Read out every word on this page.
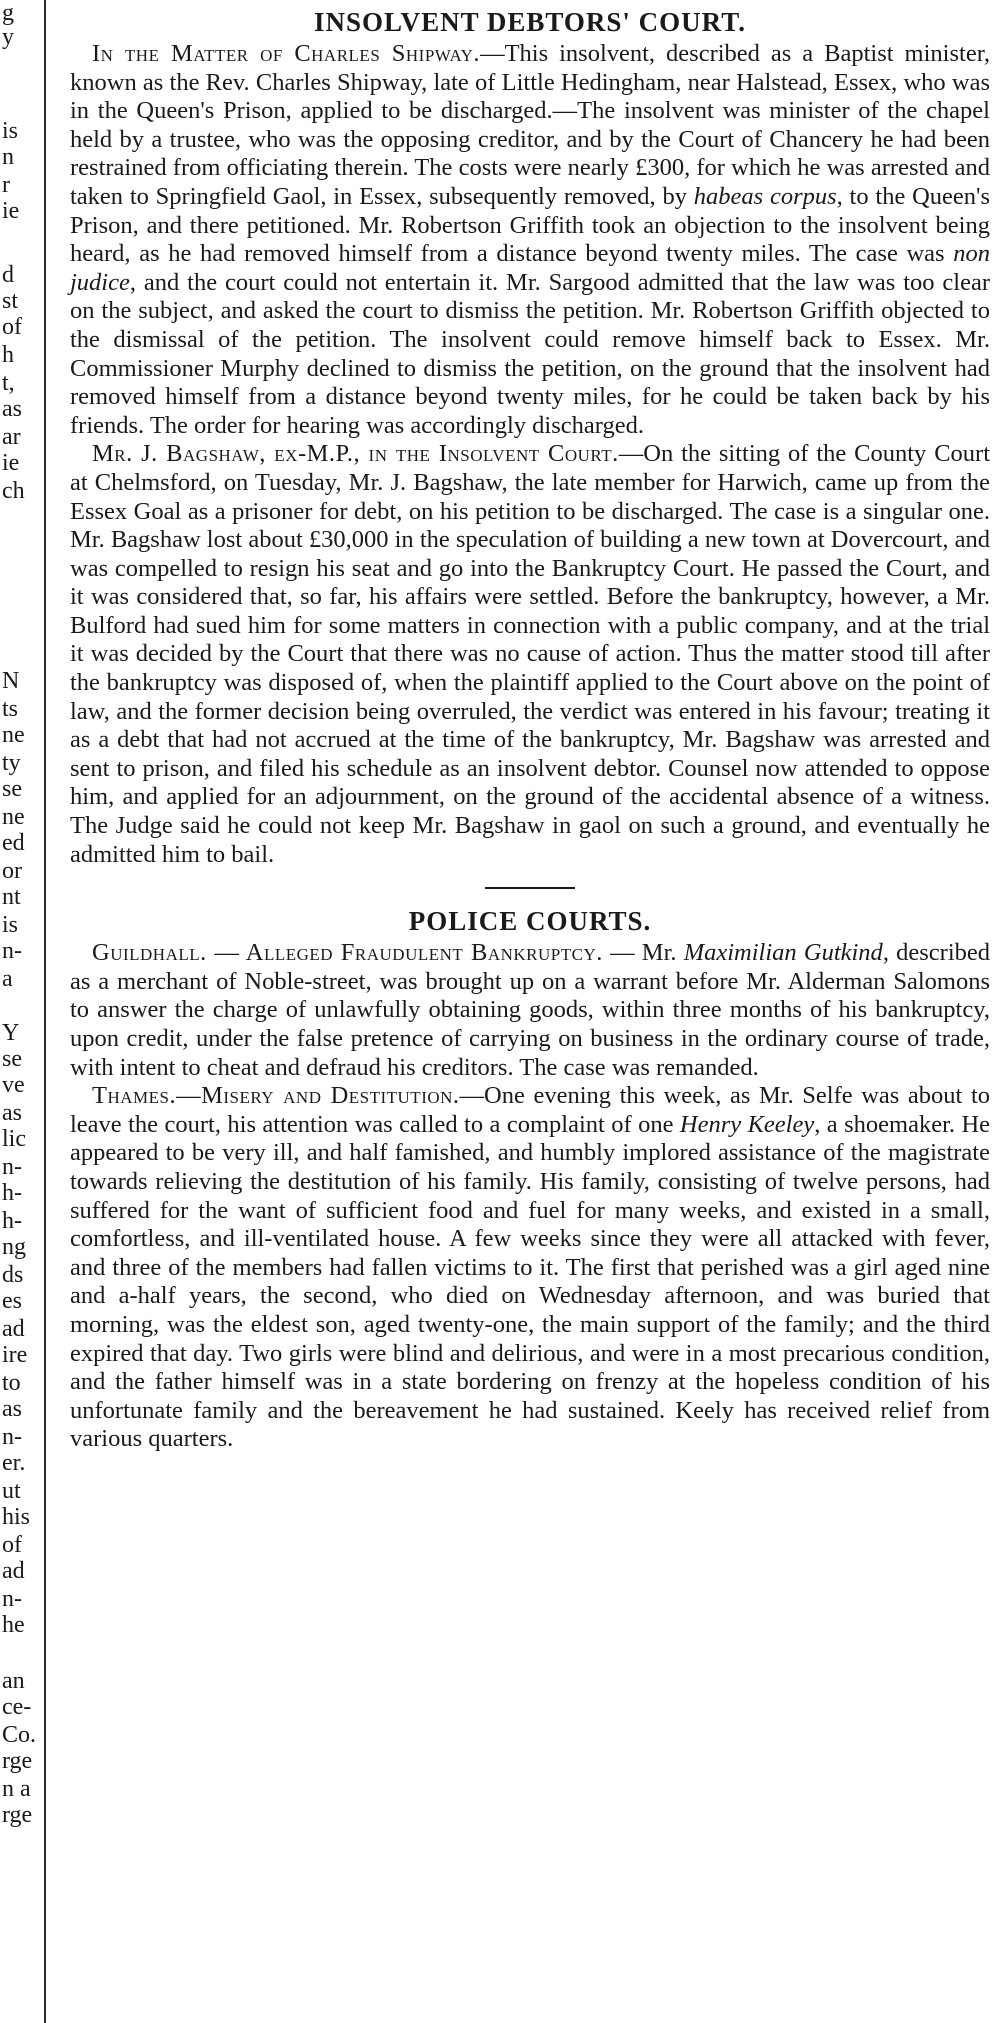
g
y
is
n
r
ie
d
st
of
h
t,
as
ar
ie
ch
N
ts
ne
ty
se
ne
ed
or
nt
is
n-
a
Y
se
ve
as
lic
n-
h-
h-
ng
ds
es
ad
ire
to
as
n-
er.
ut
his
of
ad
n-
he
an
ce-
Co.
rge
n a
rge
INSOLVENT DEBTORS' COURT.

In the Matter of Charles Shipway.—This insolvent, described as a Baptist minister, known as the Rev. Charles Shipway, late of Little Hedingham, near Halstead, Essex, who was in the Queen's Prison, applied to be discharged.—The insolvent was minister of the chapel held by a trustee, who was the opposing creditor, and by the Court of Chancery he had been restrained from officiating therein. The costs were nearly £300, for which he was arrested and taken to Springfield Gaol, in Essex, subsequently removed, by habeas corpus, to the Queen's Prison, and there petitioned. Mr. Robertson Griffith took an objection to the insolvent being heard, as he had removed himself from a distance beyond twenty miles. The case was non judice, and the court could not entertain it. Mr. Sargood admitted that the law was too clear on the subject, and asked the court to dismiss the petition. Mr. Robertson Griffith objected to the dismissal of the petition. The insolvent could remove himself back to Essex. Mr. Commissioner Murphy declined to dismiss the petition, on the ground that the insolvent had removed himself from a distance beyond twenty miles, for he could be taken back by his friends. The order for hearing was accordingly discharged.

Mr. J. Bagshaw, ex-M.P., in the Insolvent Court.—On the sitting of the County Court at Chelmsford, on Tuesday, Mr. J. Bagshaw, the late member for Harwich, came up from the Essex Goal as a prisoner for debt, on his petition to be discharged. The case is a singular one. Mr. Bagshaw lost about £30,000 in the speculation of building a new town at Dovercourt, and was compelled to resign his seat and go into the Bankruptcy Court. He passed the Court, and it was considered that, so far, his affairs were settled. Before the bankruptcy, however, a Mr. Bulford had sued him for some matters in connection with a public company, and at the trial it was decided by the Court that there was no cause of action. Thus the matter stood till after the bankruptcy was disposed of, when the plaintiff applied to the Court above on the point of law, and the former decision being overruled, the verdict was entered in his favour; treating it as a debt that had not accrued at the time of the bankruptcy, Mr. Bagshaw was arrested and sent to prison, and filed his schedule as an insolvent debtor. Counsel now attended to oppose him, and applied for an adjournment, on the ground of the accidental absence of a witness. The Judge said he could not keep Mr. Bagshaw in gaol on such a ground, and eventually he admitted him to bail.

POLICE COURTS.

Guildhall. — Alleged Fraudulent Bankruptcy. — Mr. Maximilian Gutkind, described as a merchant of Noble-street, was brought up on a warrant before Mr. Alderman Salomons to answer the charge of unlawfully obtaining goods, within three months of his bankruptcy, upon credit, under the false pretence of carrying on business in the ordinary course of trade, with intent to cheat and defraud his creditors. The case was remanded.

Thames.—Misery and Destitution.—One evening this week, as Mr. Selfe was about to leave the court, his attention was called to a complaint of one Henry Keeley, a shoemaker. He appeared to be very ill, and half famished, and humbly implored assistance of the magistrate towards relieving the destitution of his family. His family, consisting of twelve persons, had suffered for the want of sufficient food and fuel for many weeks, and existed in a small, comfortless, and ill-ventilated house. A few weeks since they were all attacked with fever, and three of the members had fallen victims to it. The first that perished was a girl aged nine and a-half years, the second, who died on Wednesday afternoon, and was buried that morning, was the eldest son, aged twenty-one, the main support of the family; and the third expired that day. Two girls were blind and delirious, and were in a most precarious condition, and the father himself was in a state bordering on frenzy at the hopeless condition of his unfortunate family and the bereavement he had sustained. Keely has received relief from various quarters.
